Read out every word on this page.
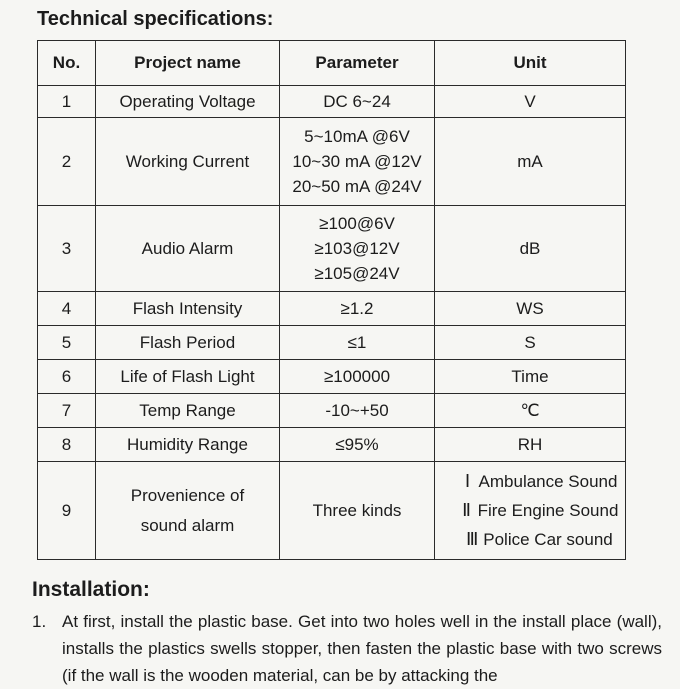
Technical specifications:
No.	Project name	Parameter	Unit
1	Operating Voltage	DC 6~24	V

2	Working Current	5~10mA @6V
10~30 mA @12V
20~50 mA @24V	mA

3	Audio Alarm	≥100@6V
≥103@12V
≥105@24V	dB

4	Flash Intensity	≥1.2	WS

5	Flash Period	≤1	S

6	Life of Flash Light	≥100000	Time

7	Temp Range	-10~+50	℃

8	Humidity Range	≤95%	RH

9	Provenience of
sound alarm	Three kinds	Ⅰ Ambulance Sound
Ⅱ Fire Engine Sound
Ⅲ Police Car sound
Installation:
1. At first, install the plastic base. Get into two holes well in the install place (wall), installs the plastics swells stopper, then fasten the plastic base with two screws (if the wall is the wooden material, can be by attacking the
